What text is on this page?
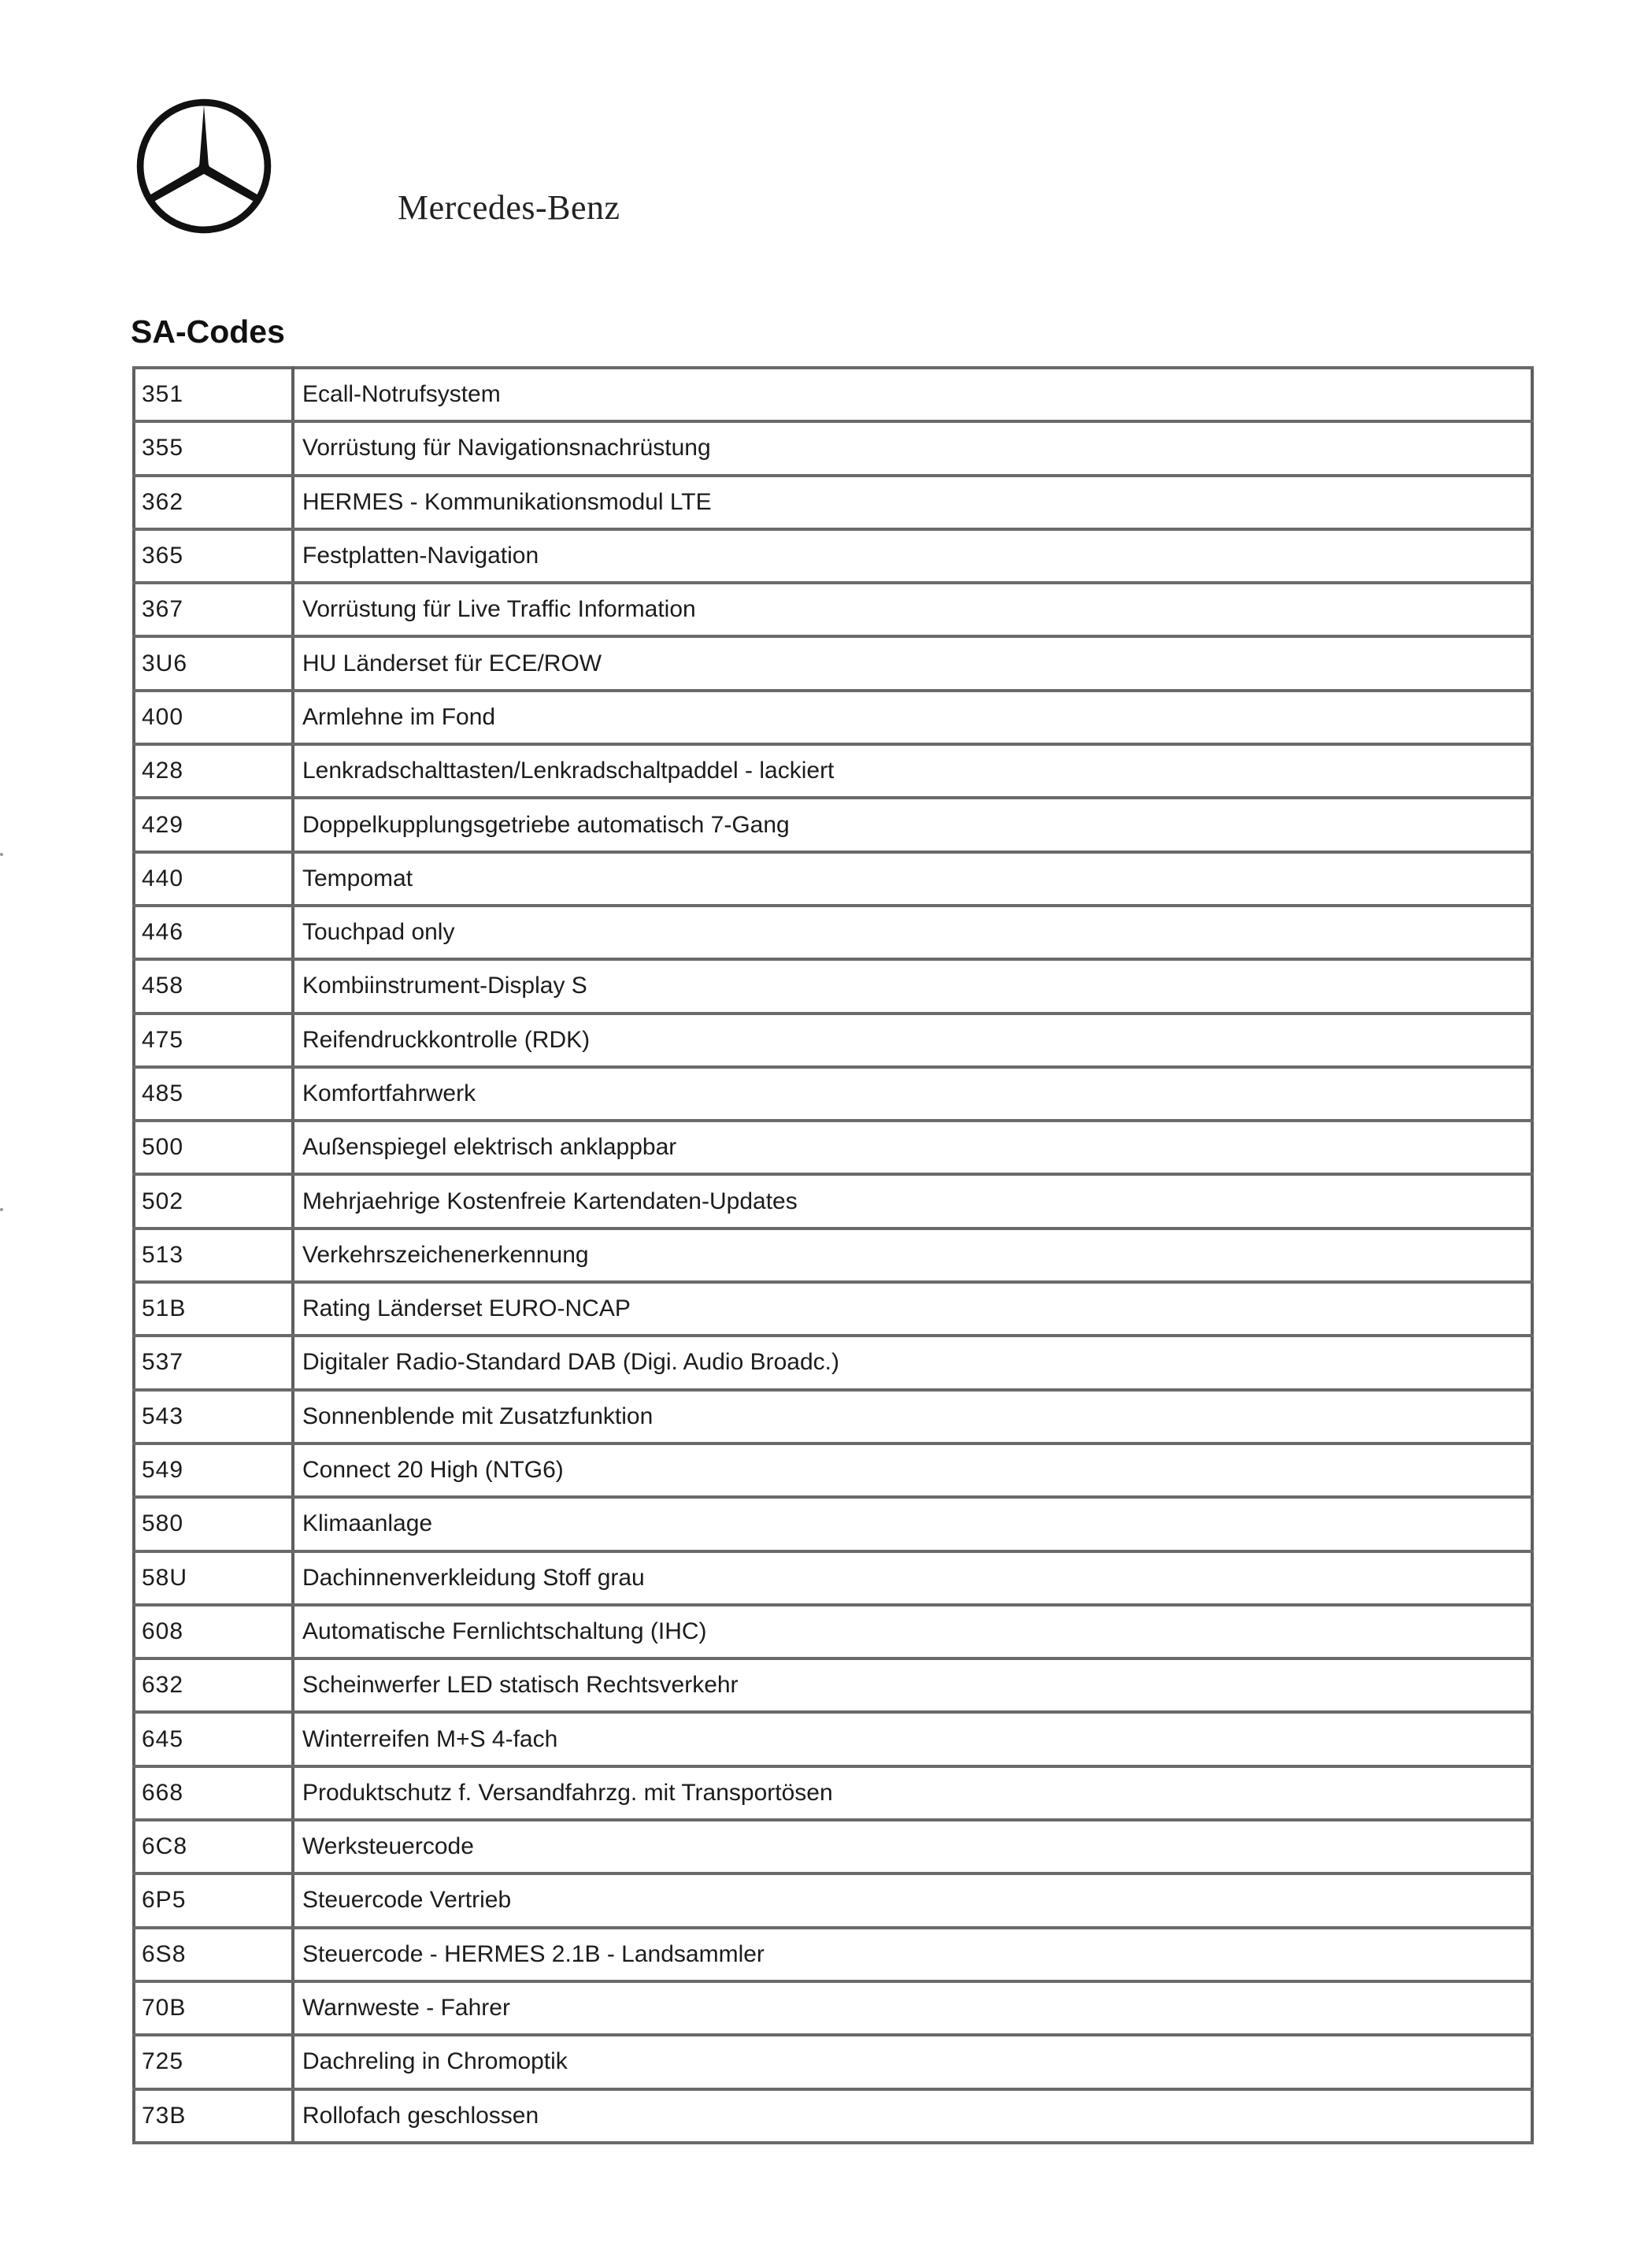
Mercedes-Benz
SA-Codes
351	Ecall-Notrufsystem
355	Vorrüstung für Navigationsnachrüstung
362	HERMES - Kommunikationsmodul LTE
365	Festplatten-Navigation
367	Vorrüstung für Live Traffic Information
3U6	HU Länderset für ECE/ROW
400	Armlehne im Fond
428	Lenkradschalttasten/Lenkradschaltpaddel - lackiert
429	Doppelkupplungsgetriebe automatisch 7-Gang
440	Tempomat
446	Touchpad only
458	Kombiinstrument-Display S
475	Reifendruckkontrolle (RDK)
485	Komfortfahrwerk
500	Außenspiegel elektrisch anklappbar
502	Mehrjaehrige Kostenfreie Kartendaten-Updates
513	Verkehrszeichenerkennung
51B	Rating Länderset EURO-NCAP
537	Digitaler Radio-Standard DAB (Digi. Audio Broadc.)
543	Sonnenblende mit Zusatzfunktion
549	Connect 20 High (NTG6)
580	Klimaanlage
58U	Dachinnenverkleidung Stoff grau
608	Automatische Fernlichtschaltung (IHC)
632	Scheinwerfer LED statisch Rechtsverkehr
645	Winterreifen M+S 4-fach
668	Produktschutz f. Versandfahrzg. mit Transportösen
6C8	Werksteuercode
6P5	Steuercode Vertrieb
6S8	Steuercode - HERMES 2.1B - Landsammler
70B	Warnweste - Fahrer
725	Dachreling in Chromoptik
73B	Rollofach geschlossen
